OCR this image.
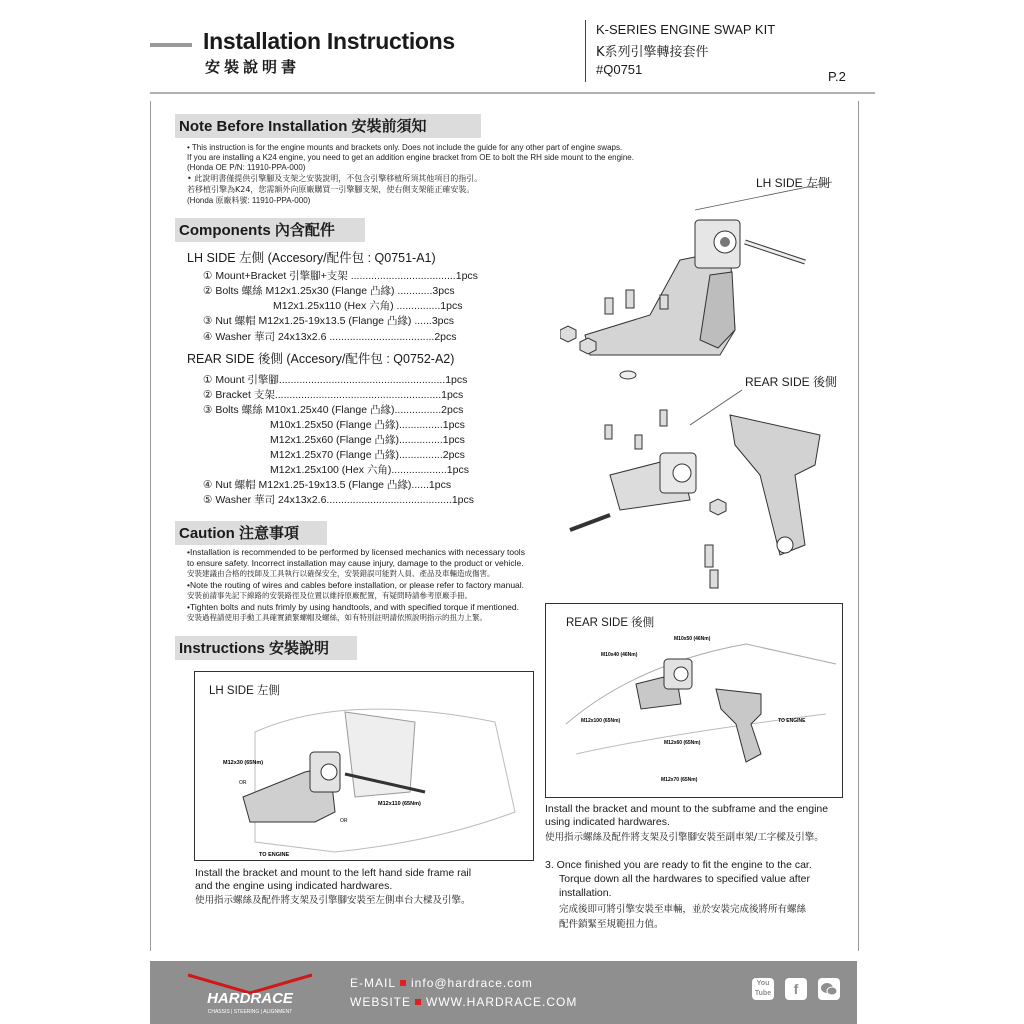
Installation Instructions
安裝說明書
K-SERIES ENGINE SWAP KIT
K系列引擎轉接套件
#Q0751	P.2
Note Before Installation 安裝前須知
• This instruction is for the engine mounts and brackets only. Does not include the guide for any other part of engine swaps.
If you are installing a K24 engine, you need to get an addition engine bracket from OE to bolt the RH side mount to the engine.
(Honda OE P/N: 11910-PPA-000)
• 此說明書僅提供引擎腳及支架之安裝說明，不包含引擎移植所須其他項目的指引。
若移植引擎為K24，您需額外向原廠購買一引擎腳支架，使右側支架能正確安裝。
(Honda 原廠料號: 11910-PPA-000)
Components 內含配件
LH SIDE 左側 (Accesory/配件包 : Q0751-A1)
① Mount+Bracket 引擎腳+支架 ....................................1pcs
② Bolts 螺絲 M12x1.25x30 (Flange 凸緣) ............3pcs
M12x1.25x110 (Hex 六角) ...............1pcs
③ Nut 螺帽 M12x1.25-19x13.5 (Flange 凸緣) ......3pcs
④ Washer 華司 24x13x2.6 ....................................2pcs
REAR SIDE 後側 (Accesory/配件包 : Q0752-A2)
① Mount 引擎腳.........................................................1pcs
② Bracket 支架.........................................................1pcs
③ Bolts 螺絲 M10x1.25x40 (Flange 凸緣)................2pcs
M10x1.25x50 (Flange 凸緣)...............1pcs
M12x1.25x60 (Flange 凸緣)...............1pcs
M12x1.25x70 (Flange 凸緣)...............2pcs
M12x1.25x100 (Hex 六角)...................1pcs
④ Nut 螺帽 M12x1.25-19x13.5 (Flange 凸緣)......1pcs
⑤ Washer 華司 24x13x2.6...........................................1pcs
LH SIDE 左側
REAR SIDE 後側
Caution 注意事項
•Installation is recommended to be performed by licensed mechanics with necessary tools
to ensure safety. Incorrect installation may cause injury, damage to the product or vehicle.
安裝建議由合格的技師及工具執行以確保安全，安裝錯誤可能對人員、產品及車輛造成傷害。
•Note the routing of wires and cables before installation, or please refer to factory manual.
安裝前請事先記下線路的安裝路徑及位置以維持原廠配置，有疑問時請參考原廠手冊。
•Tighten bolts and nuts frimly by using handtools, and with specified torque if mentioned.
安裝過程請使用手動工具確實鎖緊螺帽及螺絲，如有特別註明請依照說明指示的扭力上緊。
Instructions 安裝說明
LH SIDE 左側
M12x30 (65Nm)
OR
OR
M12x110 (65Nm)
TO ENGINE
Install the bracket and mount to the left hand side frame rail
and the engine using indicated hardwares.
使用指示螺絲及配件將支架及引擎腳安裝至左側車台大樑及引擎。
REAR SIDE 後側
M10x50 (46Nm)
M10x40 (46Nm)
M12x100 (65Nm)
M12x60 (65Nm)
M12x70 (65Nm)
TO ENGINE
Install the bracket and mount to the subframe and the engine
using indicated hardwares.
使用指示螺絲及配件將支架及引擎腳安裝至副車架/工字樑及引擎。
3. Once finished you are ready to fit the engine to the car.
Torque down all the hardwares to specified value after
installation.
完成後即可將引擎安裝至車輛，並於安裝完成後將所有螺絲
配件鎖緊至規範扭力值。
HARDRACE
CHASSIS | STEERING | ALIGNMENT
E-MAIL info@hardrace.com
WEBSITE WWW.HARDRACE.COM
You Tube	f
